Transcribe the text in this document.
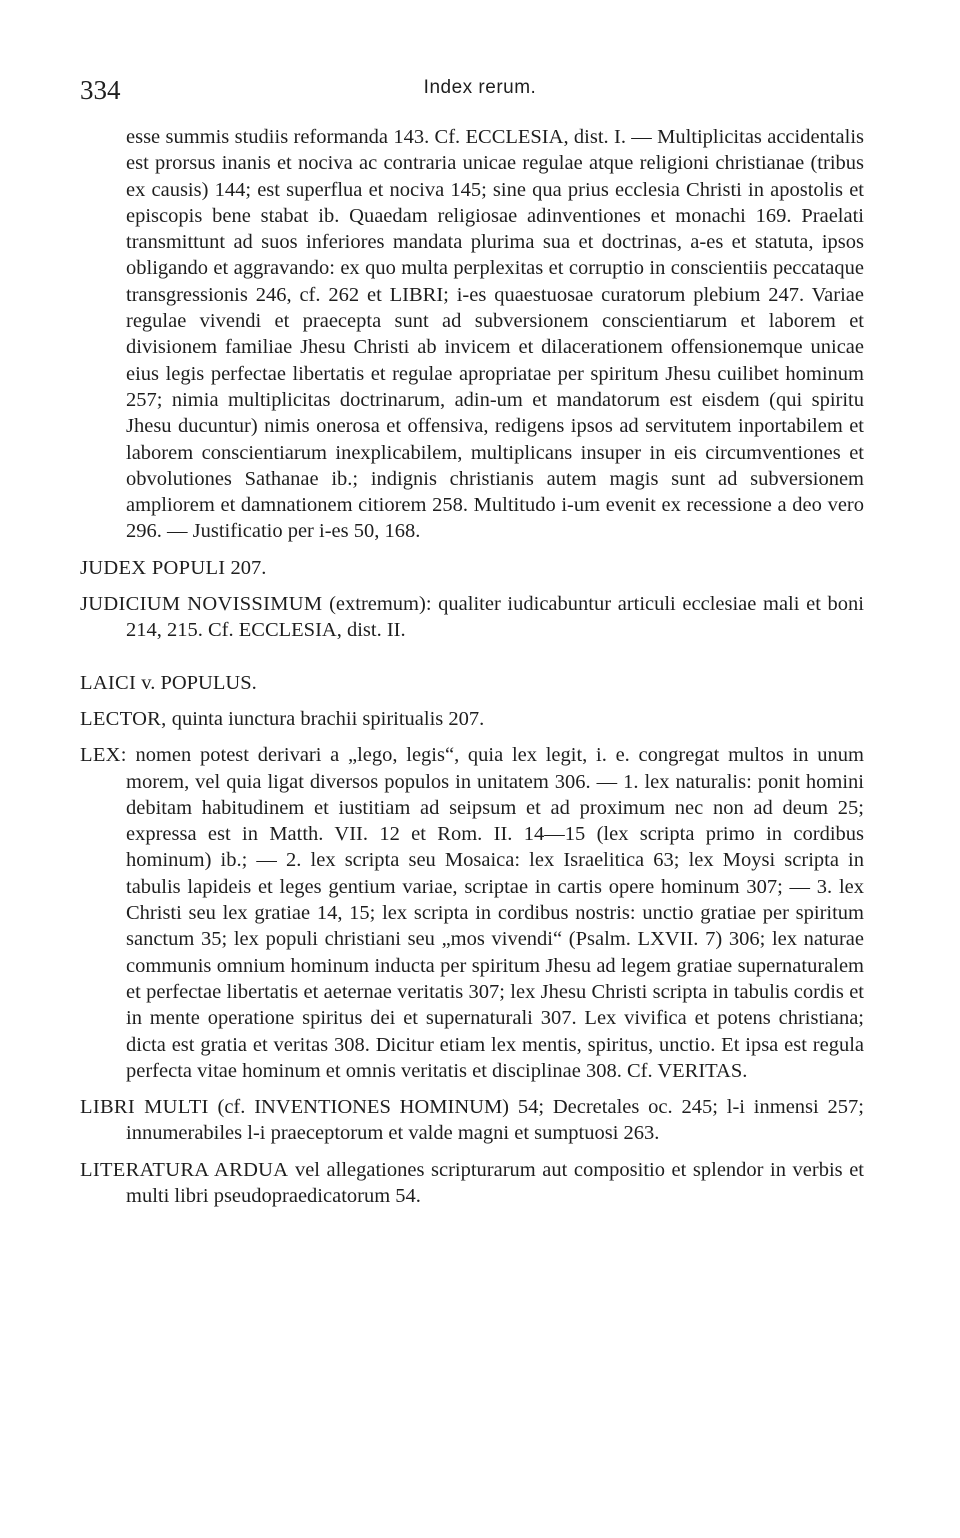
334	Index rerum.

esse summis studiis reformanda 143. Cf. ECCLESIA, dist. I. — Multiplicitas accidentalis est prorsus inanis et nociva ac contraria unicae regulae atque religioni christianae (tribus ex causis) 144; est superflua et nociva 145; sine qua prius ecclesia Christi in apostolis et episcopis bene stabat ib. Quaedam religiosae adinventiones et monachi 169. Praelati transmittunt ad suos inferiores mandata plurima sua et doctrinas, a-es et statuta, ipsos obligando et aggravando: ex quo multa perplexitas et corruptio in conscientiis peccataque transgressionis 246, cf. 262 et LIBRI; i-es quaestuosae curatorum plebium 247. Variae regulae vivendi et praecepta sunt ad subversionem conscientiarum et laborem et divisionem familiae Jhesu Christi ab invicem et dilacerationem offensionemque unicae eius legis perfectae libertatis et regulae apropriatae per spiritum Jhesu cuilibet hominum 257; nimia multiplicitas doctrinarum, adin-um et mandatorum est eisdem (qui spiritu Jhesu ducuntur) nimis onerosa et offensiva, redigens ipsos ad servitutem inportabilem et laborem conscientiarum inexplicabilem, multiplicans insuper in eis circumventiones et obvolutiones Sathanae ib.; indignis christianis autem magis sunt ad subversionem ampliorem et damnationem citiorem 258. Multitudo i-um evenit ex recessione a deo vero 296. — Justificatio per i-es 50, 168.

JUDEX POPULI 207.

JUDICIUM NOVISSIMUM (extremum): qualiter iudicabuntur articuli ecclesiae mali et boni 214, 215. Cf. ECCLESIA, dist. II.

LAICI v. POPULUS.

LECTOR, quinta iunctura brachii spiritualis 207.

LEX: nomen potest derivari a „lego, legis“, quia lex legit, i. e. congregat multos in unum morem, vel quia ligat diversos populos in unitatem 306. — 1. lex naturalis: ponit homini debitam habitudinem et iustitiam ad seipsum et ad proximum nec non ad deum 25; expressa est in Matth. VII. 12 et Rom. II. 14—15 (lex scripta primo in cordibus hominum) ib.; — 2. lex scripta seu Mosaica: lex Israelitica 63; lex Moysi scripta in tabulis lapideis et leges gentium variae, scriptae in cartis opere hominum 307; — 3. lex Christi seu lex gratiae 14, 15; lex scripta in cordibus nostris: unctio gratiae per spiritum sanctum 35; lex populi christiani seu „mos vivendi“ (Psalm. LXVII. 7) 306; lex naturae communis omnium hominum inducta per spiritum Jhesu ad legem gratiae supernaturalem et perfectae libertatis et aeternae veritatis 307; lex Jhesu Christi scripta in tabulis cordis et in mente operatione spiritus dei et supernaturali 307. Lex vivifica et potens christiana; dicta est gratia et veritas 308. Dicitur etiam lex mentis, spiritus, unctio. Et ipsa est regula perfecta vitae hominum et omnis veritatis et disciplinae 308. Cf. VERITAS.

LIBRI MULTI (cf. INVENTIONES HOMINUM) 54; Decretales oc. 245; l-i inmensi 257; innumerabiles l-i praeceptorum et valde magni et sumptuosi 263.

LITERATURA ARDUA vel allegationes scripturarum aut compositio et splendor in verbis et multi libri pseudopraedicatorum 54.
